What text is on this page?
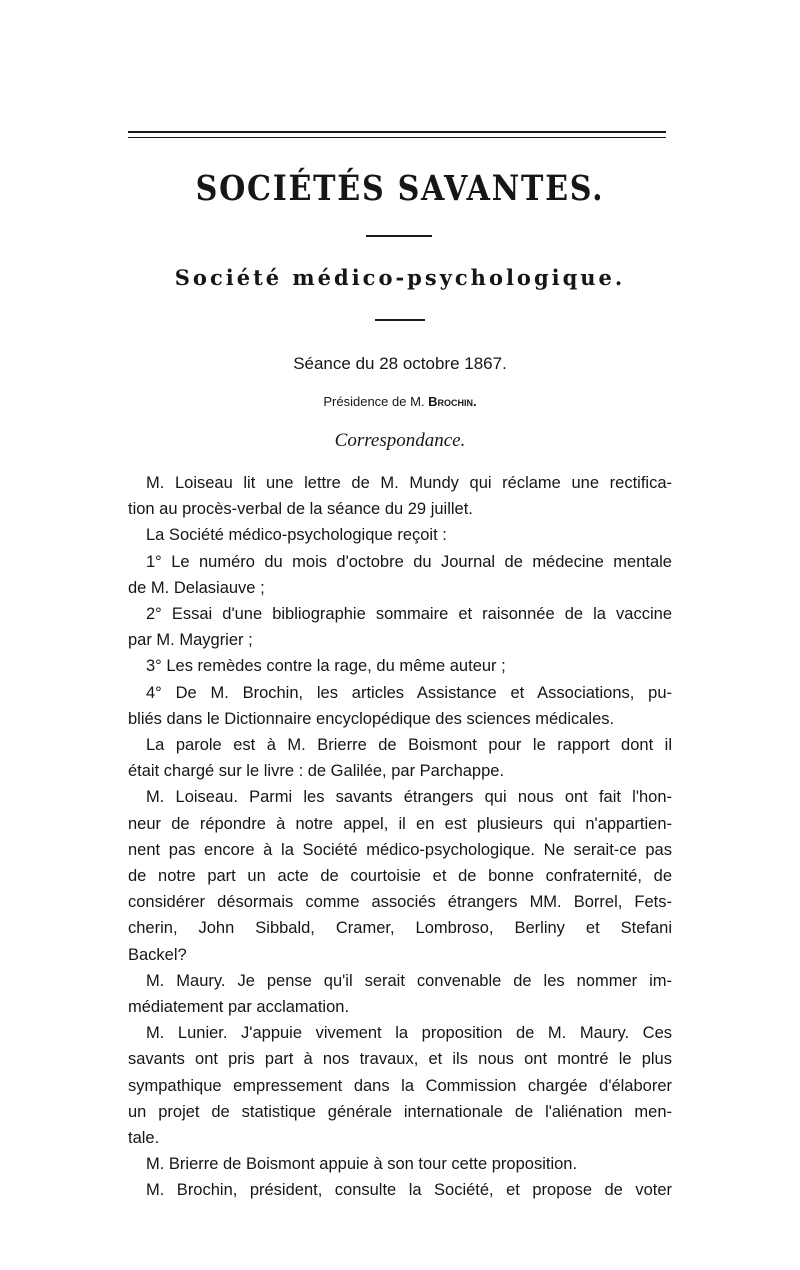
SOCIÉTÉS SAVANTES.
Société médico-psychologique.

Séance du 28 octobre 1867.

Présidence de M. Brochin.

Correspondance.

M. Loiseau lit une lettre de M. Mundy qui réclame une rectifica-
tion au procès-verbal de la séance du 29 juillet.
La Société médico-psychologique reçoit :
1° Le numéro du mois d'octobre du Journal de médecine mentale
de M. Delasiauve ;
2° Essai d'une bibliographie sommaire et raisonnée de la vaccine
par M. Maygrier ;
3° Les remèdes contre la rage, du même auteur ;
4° De M. Brochin, les articles Assistance et Associations, pu-
bliés dans le Dictionnaire encyclopédique des sciences médicales.
La parole est à M. Brierre de Boismont pour le rapport dont il
était chargé sur le livre : de Galilée, par Parchappe.
M. Loiseau. Parmi les savants étrangers qui nous ont fait l'hon-
neur de répondre à notre appel, il en est plusieurs qui n'appartien-
nent pas encore à la Société médico-psychologique. Ne serait-ce pas
de notre part un acte de courtoisie et de bonne confraternité, de
considérer désormais comme associés étrangers MM. Borrel, Fets-
cherin, John Sibbald, Cramer, Lombroso, Berliny et Stefani
Backel?
M. Maury. Je pense qu'il serait convenable de les nommer im-
médiatement par acclamation.
M. Lunier. J'appuie vivement la proposition de M. Maury. Ces
savants ont pris part à nos travaux, et ils nous ont montré le plus
sympathique empressement dans la Commission chargée d'élaborer
un projet de statistique générale internationale de l'aliénation men-
tale.
M. Brierre de Boismont appuie à son tour cette proposition.
M. Brochin, président, consulte la Société, et propose de voter
